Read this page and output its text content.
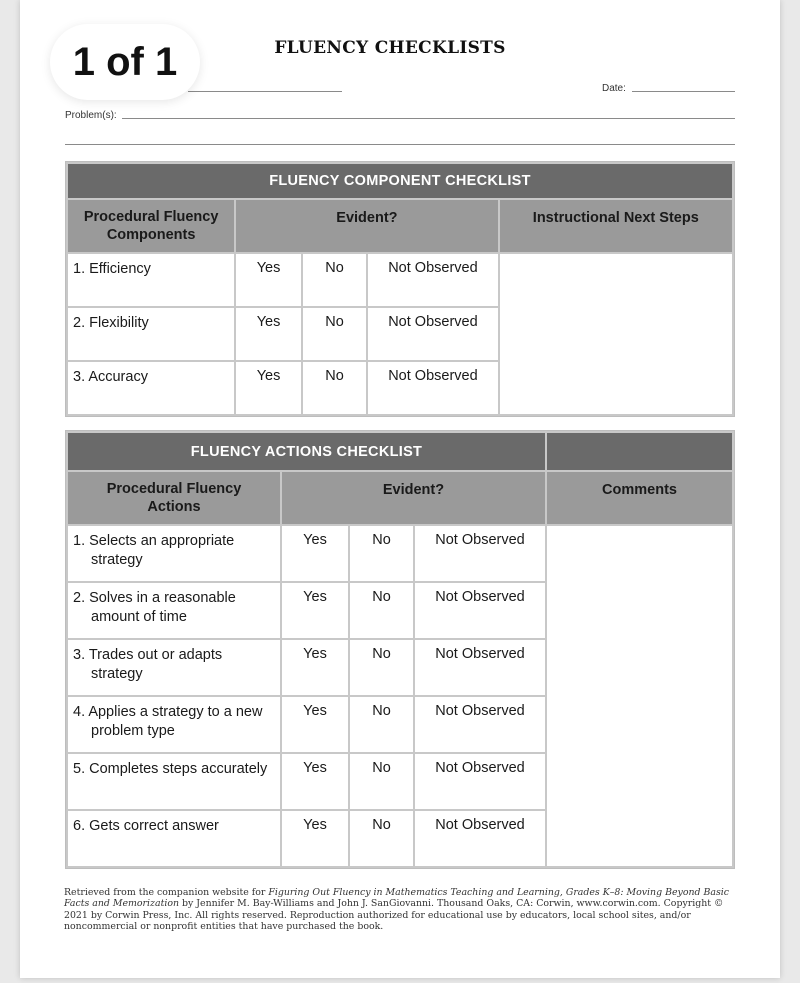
1 of 1	FLUENCY CHECKLISTS
Date:
Problem(s):
FLUENCY COMPONENT CHECKLIST				
Procedural Fluency Components	Evident?			Instructional Next Steps
1. Efficiency	Yes	No	Not Observed	
2. Flexibility	Yes	No	Not Observed	
3. Accuracy	Yes	No	Not Observed	
FLUENCY ACTIONS CHECKLIST				
Procedural Fluency Actions	Evident?			Comments

1. Selects an appropriate strategy	Yes	No	Not Observed	

2. Solves in a reasonable amount of time	Yes	No	Not Observed	

3. Trades out or adapts strategy	Yes	No	Not Observed	

4. Applies a strategy to a new problem type	Yes	No	Not Observed	

5. Completes steps accurately	Yes	No	Not Observed	

6. Gets correct answer	Yes	No	Not Observed	
Retrieved from the companion website for Figuring Out Fluency in Mathematics Teaching and Learning, Grades K–8: Moving Beyond Basic Facts and Memorization by Jennifer M. Bay-Williams and John J. SanGiovanni. Thousand Oaks, CA: Corwin, www.corwin.com. Copyright © 2021 by Corwin Press, Inc. All rights reserved. Reproduction authorized for educational use by educators, local school sites, and/or noncommercial or nonprofit entities that have purchased the book.
